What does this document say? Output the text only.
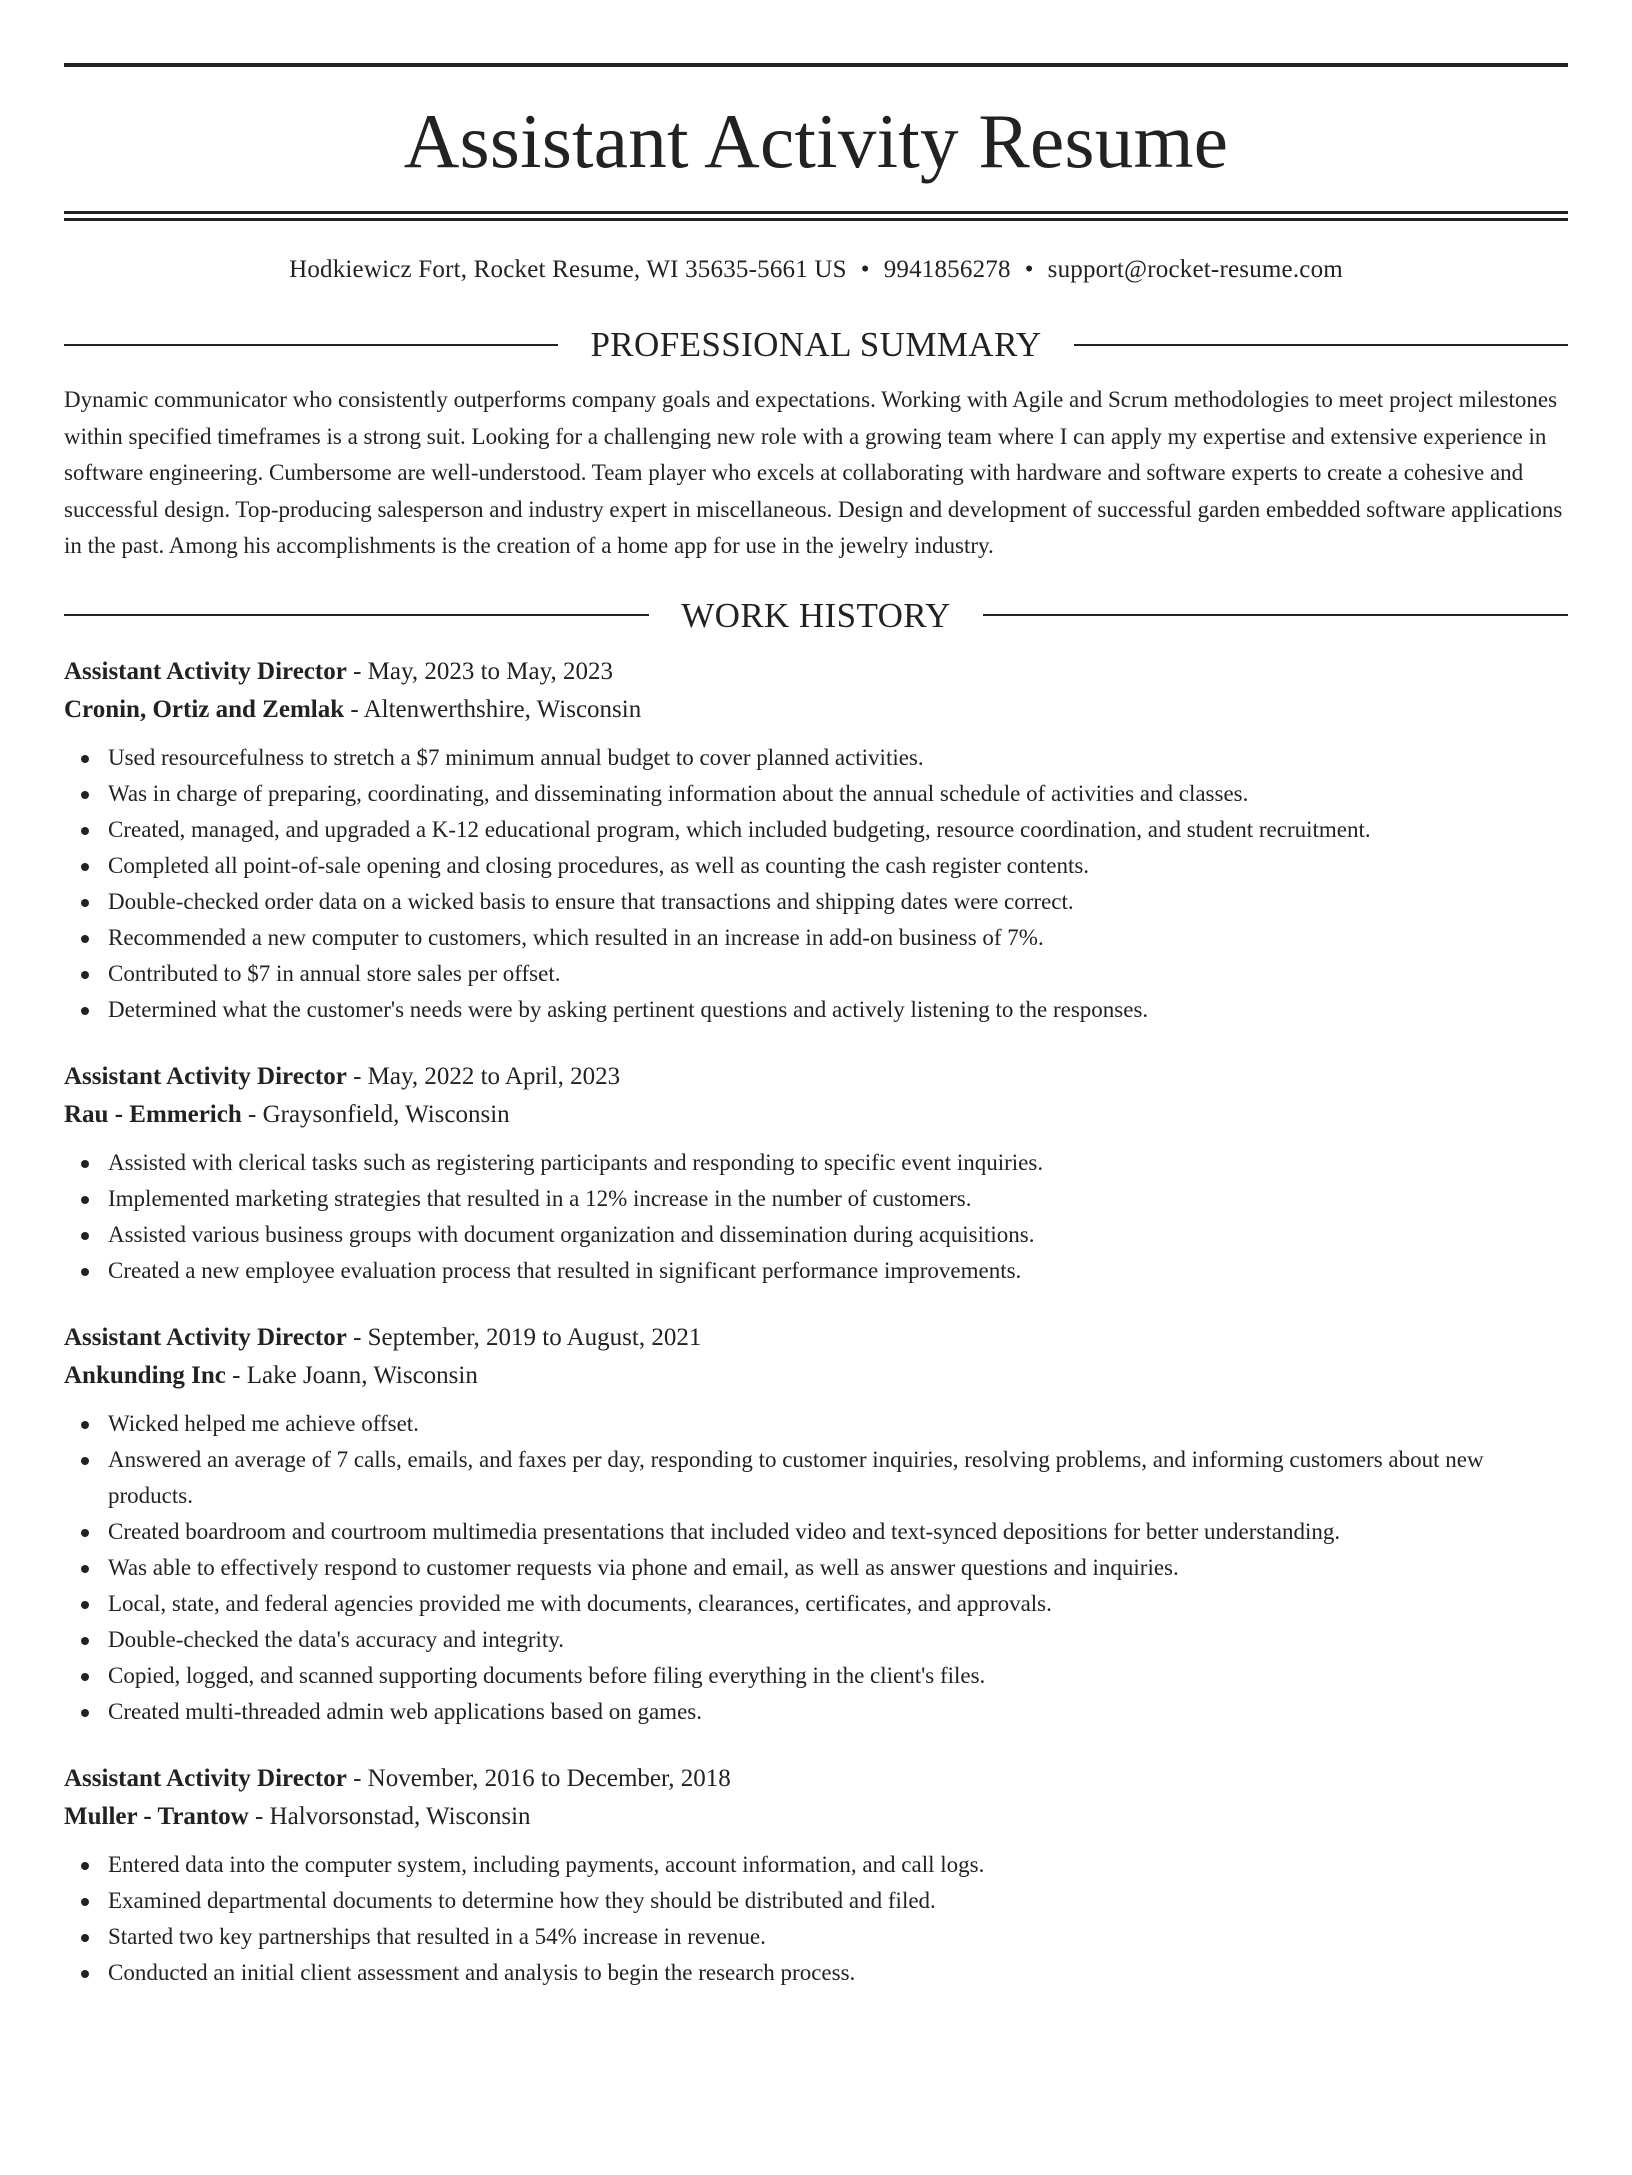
Assistant Activity Resume
Hodkiewicz Fort, Rocket Resume, WI 35635-5661 US • 9941856278 • support@rocket-resume.com
PROFESSIONAL SUMMARY

Dynamic communicator who consistently outperforms company goals and expectations. Working with Agile and Scrum methodologies to meet project milestones within specified timeframes is a strong suit. Looking for a challenging new role with a growing team where I can apply my expertise and extensive experience in software engineering. Cumbersome are well-understood. Team player who excels at collaborating with hardware and software experts to create a cohesive and successful design. Top-producing salesperson and industry expert in miscellaneous. Design and development of successful garden embedded software applications in the past. Among his accomplishments is the creation of a home app for use in the jewelry industry.

WORK HISTORY
Assistant Activity Director - May, 2023 to May, 2023
Cronin, Ortiz and Zemlak - Altenwerthshire, Wisconsin
Used resourcefulness to stretch a $7 minimum annual budget to cover planned activities.
Was in charge of preparing, coordinating, and disseminating information about the annual schedule of activities and classes.
Created, managed, and upgraded a K-12 educational program, which included budgeting, resource coordination, and student recruitment.
Completed all point-of-sale opening and closing procedures, as well as counting the cash register contents.
Double-checked order data on a wicked basis to ensure that transactions and shipping dates were correct.
Recommended a new computer to customers, which resulted in an increase in add-on business of 7%.
Contributed to $7 in annual store sales per offset.
Determined what the customer's needs were by asking pertinent questions and actively listening to the responses.
Assistant Activity Director - May, 2022 to April, 2023
Rau - Emmerich - Graysonfield, Wisconsin
Assisted with clerical tasks such as registering participants and responding to specific event inquiries.
Implemented marketing strategies that resulted in a 12% increase in the number of customers.
Assisted various business groups with document organization and dissemination during acquisitions.
Created a new employee evaluation process that resulted in significant performance improvements.
Assistant Activity Director - September, 2019 to August, 2021
Ankunding Inc - Lake Joann, Wisconsin
Wicked helped me achieve offset.
Answered an average of 7 calls, emails, and faxes per day, responding to customer inquiries, resolving problems, and informing customers about new products.
Created boardroom and courtroom multimedia presentations that included video and text-synced depositions for better understanding.
Was able to effectively respond to customer requests via phone and email, as well as answer questions and inquiries.
Local, state, and federal agencies provided me with documents, clearances, certificates, and approvals.
Double-checked the data's accuracy and integrity.
Copied, logged, and scanned supporting documents before filing everything in the client's files.
Created multi-threaded admin web applications based on games.
Assistant Activity Director - November, 2016 to December, 2018
Muller - Trantow - Halvorsonstad, Wisconsin
Entered data into the computer system, including payments, account information, and call logs.
Examined departmental documents to determine how they should be distributed and filed.
Started two key partnerships that resulted in a 54% increase in revenue.
Conducted an initial client assessment and analysis to begin the research process.
